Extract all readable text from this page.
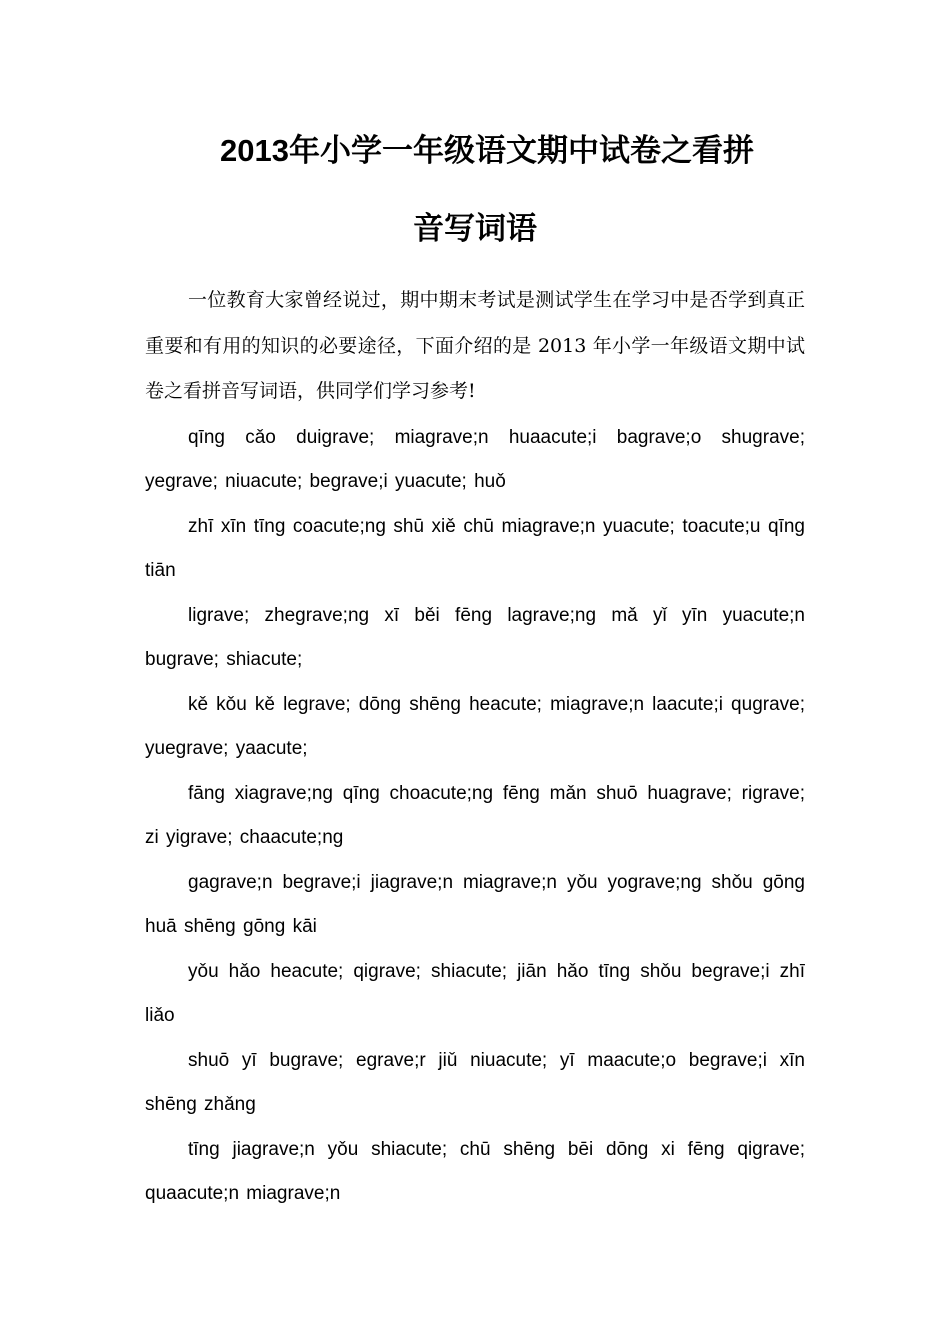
2013年小学一年级语文期中试卷之看拼
音写词语

一位教育大家曾经说过，期中期末考试是测试学生在学习中是否学到真正重要和有用的知识的必要途径，下面介绍的是 2013 年小学一年级语文期中试卷之看拼音写词语，供同学们学习参考!

qīng cǎo duigrave; miagrave;n huaacute;i bagrave;o shugrave; yegrave; niuacute; begrave;i yuacute; huǒ

zhī xīn tīng coacute;ng shū xiě chū miagrave;n yuacute; toacute;u qīng tiān

ligrave; zhegrave;ng xī běi fēng lagrave;ng mǎ yǐ yīn yuacute;n bugrave; shiacute;

kě kǒu kě legrave; dōng shēng heacute; miagrave;n laacute;i qugrave; yuegrave; yaacute;

fāng xiagrave;ng qīng choacute;ng fēng mǎn shuō huagrave; rigrave; zi yigrave; chaacute;ng

gagrave;n begrave;i jiagrave;n miagrave;n yǒu yograve;ng shǒu gōng huā shēng gōng kāi

yǒu hǎo heacute; qigrave; shiacute; jiān hǎo tīng shǒu begrave;i zhī liǎo

shuō yī bugrave; egrave;r jiǔ niuacute; yī maacute;o begrave;i xīn shēng zhǎng

tīng jiagrave;n yǒu shiacute; chū shēng bēi dōng xi fēng qigrave; quaacute;n miagrave;n
